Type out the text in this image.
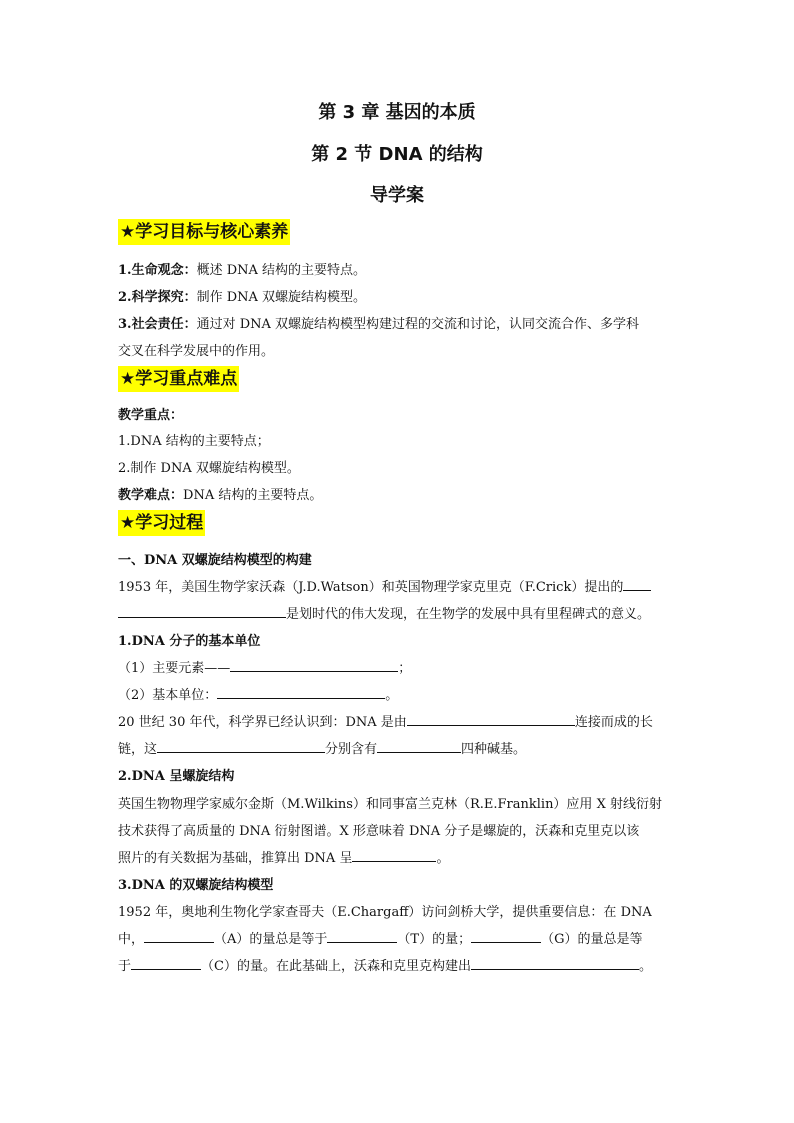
第 3 章 基因的本质
第 2 节 DNA 的结构
导学案
★学习目标与核心素养
1.生命观念：概述 DNA 结构的主要特点。
2.科学探究：制作 DNA 双螺旋结构模型。
3.社会责任：通过对 DNA 双螺旋结构模型构建过程的交流和讨论，认同交流合作、多学科
交叉在科学发展中的作用。
★学习重点难点
教学重点：
1.DNA 结构的主要特点；
2.制作 DNA 双螺旋结构模型。
教学难点：DNA 结构的主要特点。
★学习过程
一、DNA 双螺旋结构模型的构建
1953 年，美国生物学家沃森（J.D.Watson）和英国物理学家克里克（F.Crick）提出的
是划时代的伟大发现，在生物学的发展中具有里程碑式的意义。
1.DNA 分子的基本单位
（1）主要元素——	；
（2）基本单位：	。
20 世纪 30 年代，科学界已经认识到：DNA 是由	连接而成的长
链，这	分别含有	四种碱基。
2.DNA 呈螺旋结构
英国生物物理学家威尔金斯（M.Wilkins）和同事富兰克林（R.E.Franklin）应用 X 射线衍射
技术获得了高质量的 DNA 衍射图谱。X 形意味着 DNA 分子是螺旋的，沃森和克里克以该
照片的有关数据为基础，推算出 DNA 呈	。
3.DNA 的双螺旋结构模型
1952 年，奥地利生物化学家查哥夫（E.Chargaff）访问剑桥大学，提供重要信息：在 DNA
中，	（A）的量总是等于	（T）的量；	（G）的量总是等
于	（C）的量。在此基础上，沃森和克里克构建出	。
